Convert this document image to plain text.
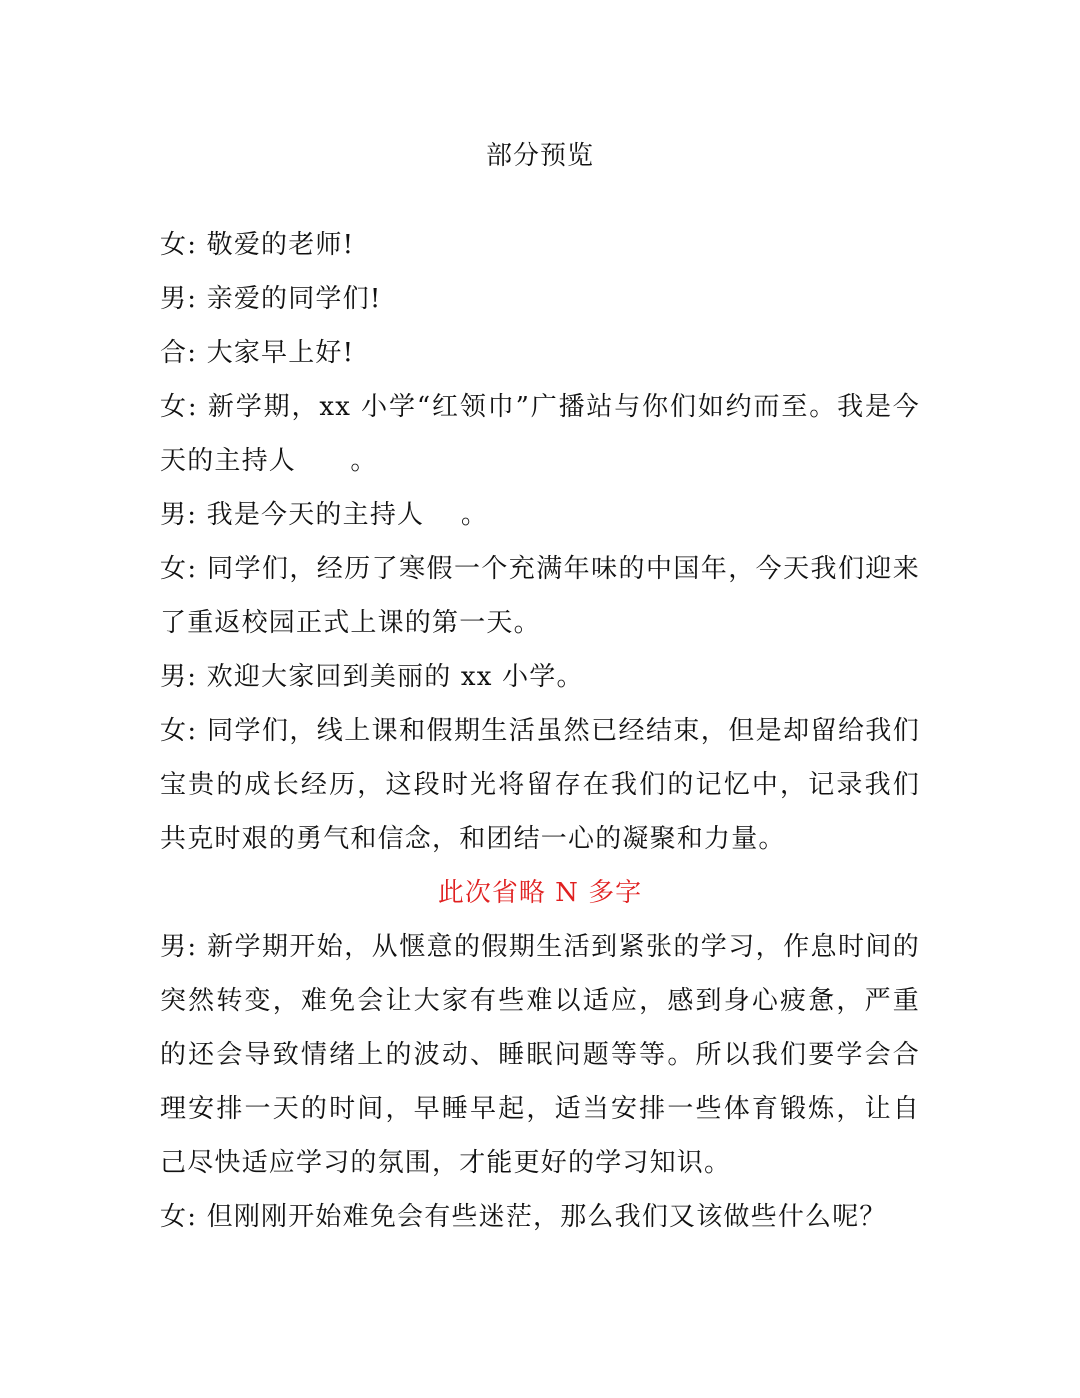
部分预览

女: 敬爱的老师!

男: 亲爱的同学们!

合: 大家早上好!

女: 新学期，xx 小学“红领巾”广播站与你们如约而至。我是今天的主持人　　。

男: 我是今天的主持人　 。

女: 同学们，经历了寒假一个充满年味的中国年，今天我们迎来了重返校园正式上课的第一天。

男: 欢迎大家回到美丽的 xx 小学。

女: 同学们，线上课和假期生活虽然已经结束，但是却留给我们宝贵的成长经历，这段时光将留存在我们的记忆中，记录我们共克时艰的勇气和信念，和团结一心的凝聚和力量。

此次省略 N 多字

男: 新学期开始，从惬意的假期生活到紧张的学习，作息时间的突然转变，难免会让大家有些难以适应，感到身心疲惫，严重的还会导致情绪上的波动、睡眠问题等等。所以我们要学会合理安排一天的时间，早睡早起，适当安排一些体育锻炼，让自己尽快适应学习的氛围，才能更好的学习知识。

女: 但刚刚开始难免会有些迷茫，那么我们又该做些什么呢？
